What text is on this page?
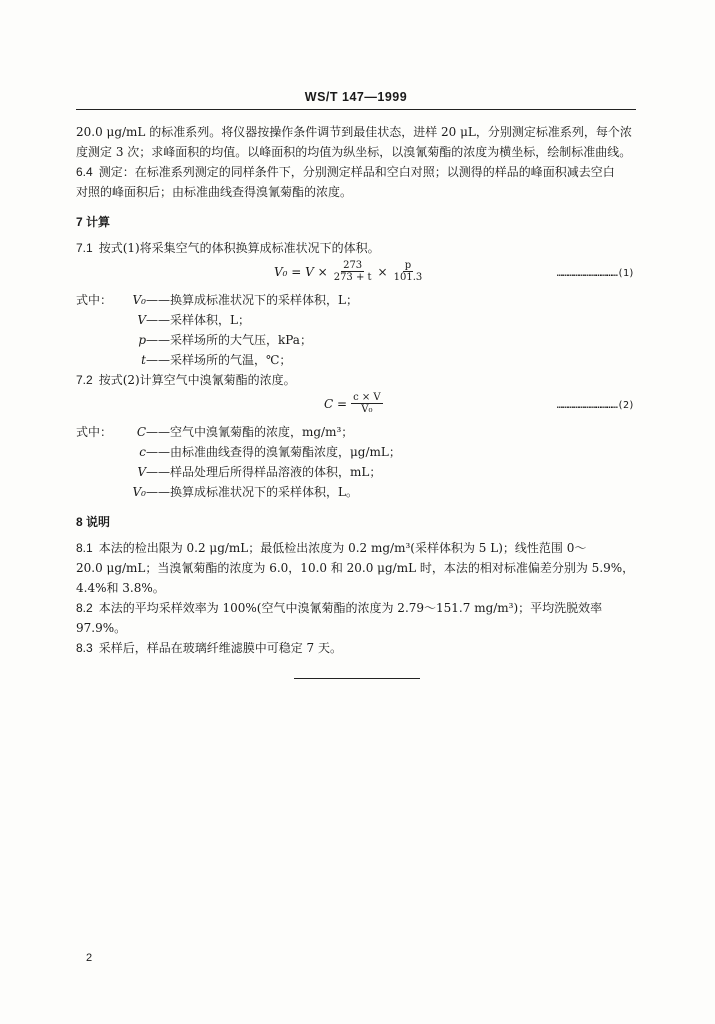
WS/T 147—1999

20.0 μg/mL 的标准系列。将仪器按操作条件调节到最佳状态，进样 20 μL，分别测定标准系列，每个浓

度测定 3 次；求峰面积的均值。以峰面积的均值为纵坐标，以溴氰菊酯的浓度为横坐标，绘制标准曲线。

6.4 测定：在标准系列测定的同样条件下，分别测定样品和空白对照；以测得的样品的峰面积减去空白

对照的峰面积后；由标准曲线查得溴氰菊酯的浓度。

7 计算

7.1 按式(1)将采集空气的体积换算成标准状况下的体积。

$V_0 = V \times \frac{273}{273 + t} \times \frac{p}{101.3}$	……………………………(1)
式中：	V₀ ——换算成标准状况下的采样体积，L；
V ——采样体积，L；
p ——采样场所的大气压，kPa；
t ——采样场所的气温，℃；

7.2 按式(2)计算空气中溴氰菊酯的浓度。

$C = \frac{c \times V}{\text{V₀}}$	……………………………(2)
式中：	C ——空气中溴氰菊酯的浓度，mg/m³；
c ——由标准曲线查得的溴氰菊酯浓度，μg/mL；
V ——样品处理后所得样品溶液的体积，mL；
V₀ ——换算成标准状况下的采样体积，L。

8 说明

8.1 本法的检出限为 0.2 μg/mL；最低检出浓度为 0.2 mg/m³(采样体积为 5 L)；线性范围 0～

20.0 μg/mL；当溴氰菊酯的浓度为 6.0，10.0 和 20.0 μg/mL 时，本法的相对标准偏差分别为 5.9%，

4.4%和 3.8%。

8.2 本法的平均采样效率为 100%(空气中溴氰菊酯的浓度为 2.79～151.7 mg/m³)；平均洗脱效率

97.9%。

8.3 采样后，样品在玻璃纤维滤膜中可稳定 7 天。

2
